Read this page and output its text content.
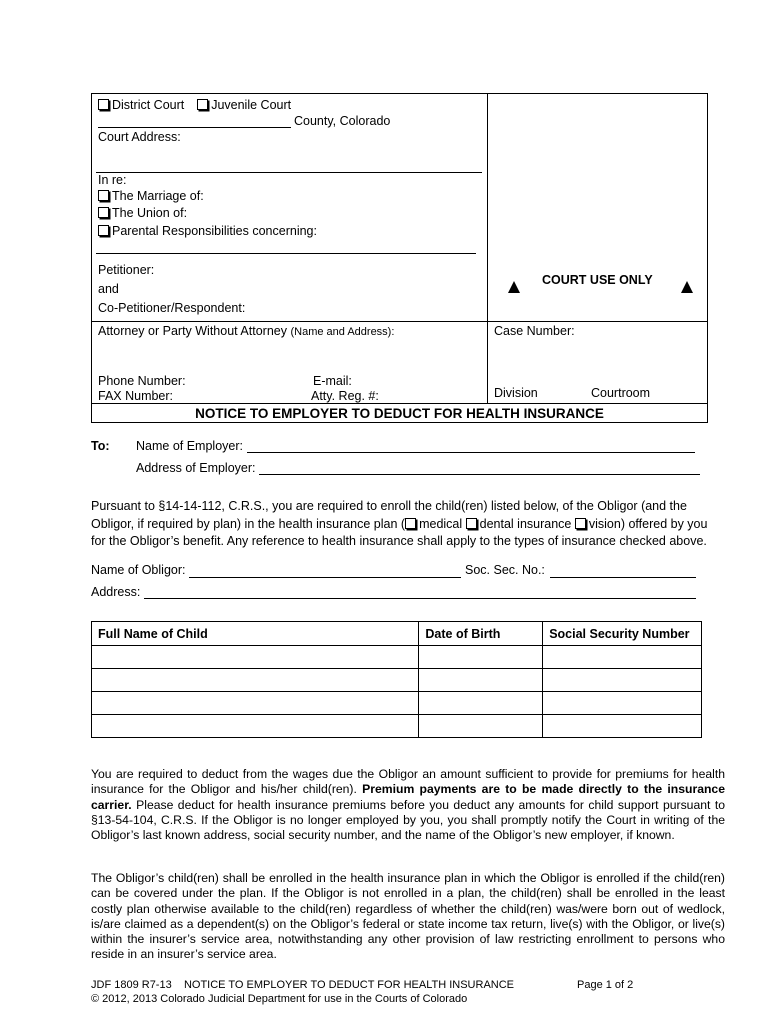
District Court Juvenile Court
County, Colorado
Court Address:
In re:
The Marriage of:
The Union of:
Parental Responsibilities concerning:
Petitioner:
and
Co-Petitioner/Respondent:
COURT USE ONLY
Attorney or Party Without Attorney (Name and Address):	Case Number:
Phone Number:	E-mail:
FAX Number:	Atty. Reg. #:	Division	Courtroom
NOTICE TO EMPLOYER TO DEDUCT FOR HEALTH INSURANCE
To: Name of Employer:
Address of Employer:
Pursuant to §14-14-112, C.R.S., you are required to enroll the child(ren) listed below, of the Obligor (and the
Obligor, if required by plan) in the health insurance plan ( medical dental insurance vision) offered by you
for the Obligor’s benefit. Any reference to health insurance shall apply to the types of insurance checked above.
Name of Obligor:	Soc. Sec. No.:
Address:
Full Name of Child	Date of Birth	Social Security Number

You are required to deduct from the wages due the Obligor an amount sufficient to provide for premiums for health insurance for the Obligor and his/her child(ren). Premium payments are to be made directly to the insurance carrier. Please deduct for health insurance premiums before you deduct any amounts for child support pursuant to §13-54-104, C.R.S. If the Obligor is no longer employed by you, you shall promptly notify the Court in writing of the Obligor’s last known address, social security number, and the name of the Obligor’s new employer, if known.
The Obligor’s child(ren) shall be enrolled in the health insurance plan in which the Obligor is enrolled if the child(ren) can be covered under the plan. If the Obligor is not enrolled in a plan, the child(ren) shall be enrolled in the least costly plan otherwise available to the child(ren) regardless of whether the child(ren) was/were born out of wedlock, is/are claimed as a dependent(s) on the Obligor’s federal or state income tax return, live(s) with the Obligor, or live(s) within the insurer’s service area, notwithstanding any other provision of law restricting enrollment to persons who reside in an insurer’s service area.
JDF 1809 R7-13 NOTICE TO EMPLOYER TO DEDUCT FOR HEALTH INSURANCE	Page 1 of 2
© 2012, 2013 Colorado Judicial Department for use in the Courts of Colorado
